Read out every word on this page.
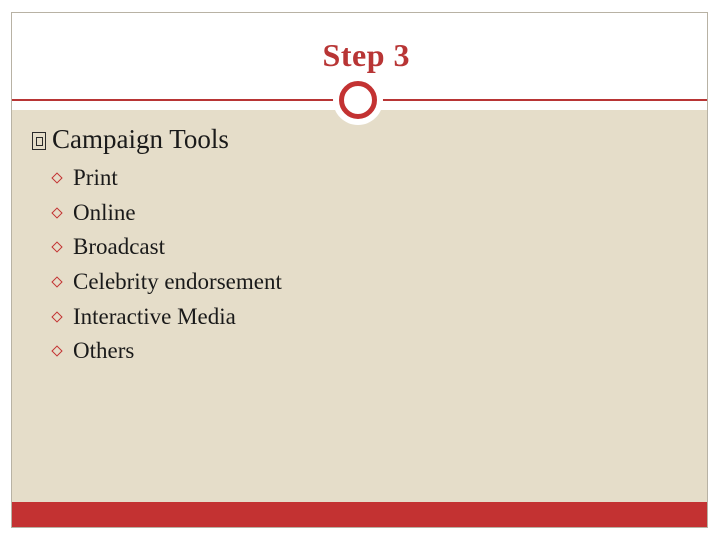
Step 3
Campaign Tools
Print
Online
Broadcast
Celebrity endorsement
Interactive Media
Others
